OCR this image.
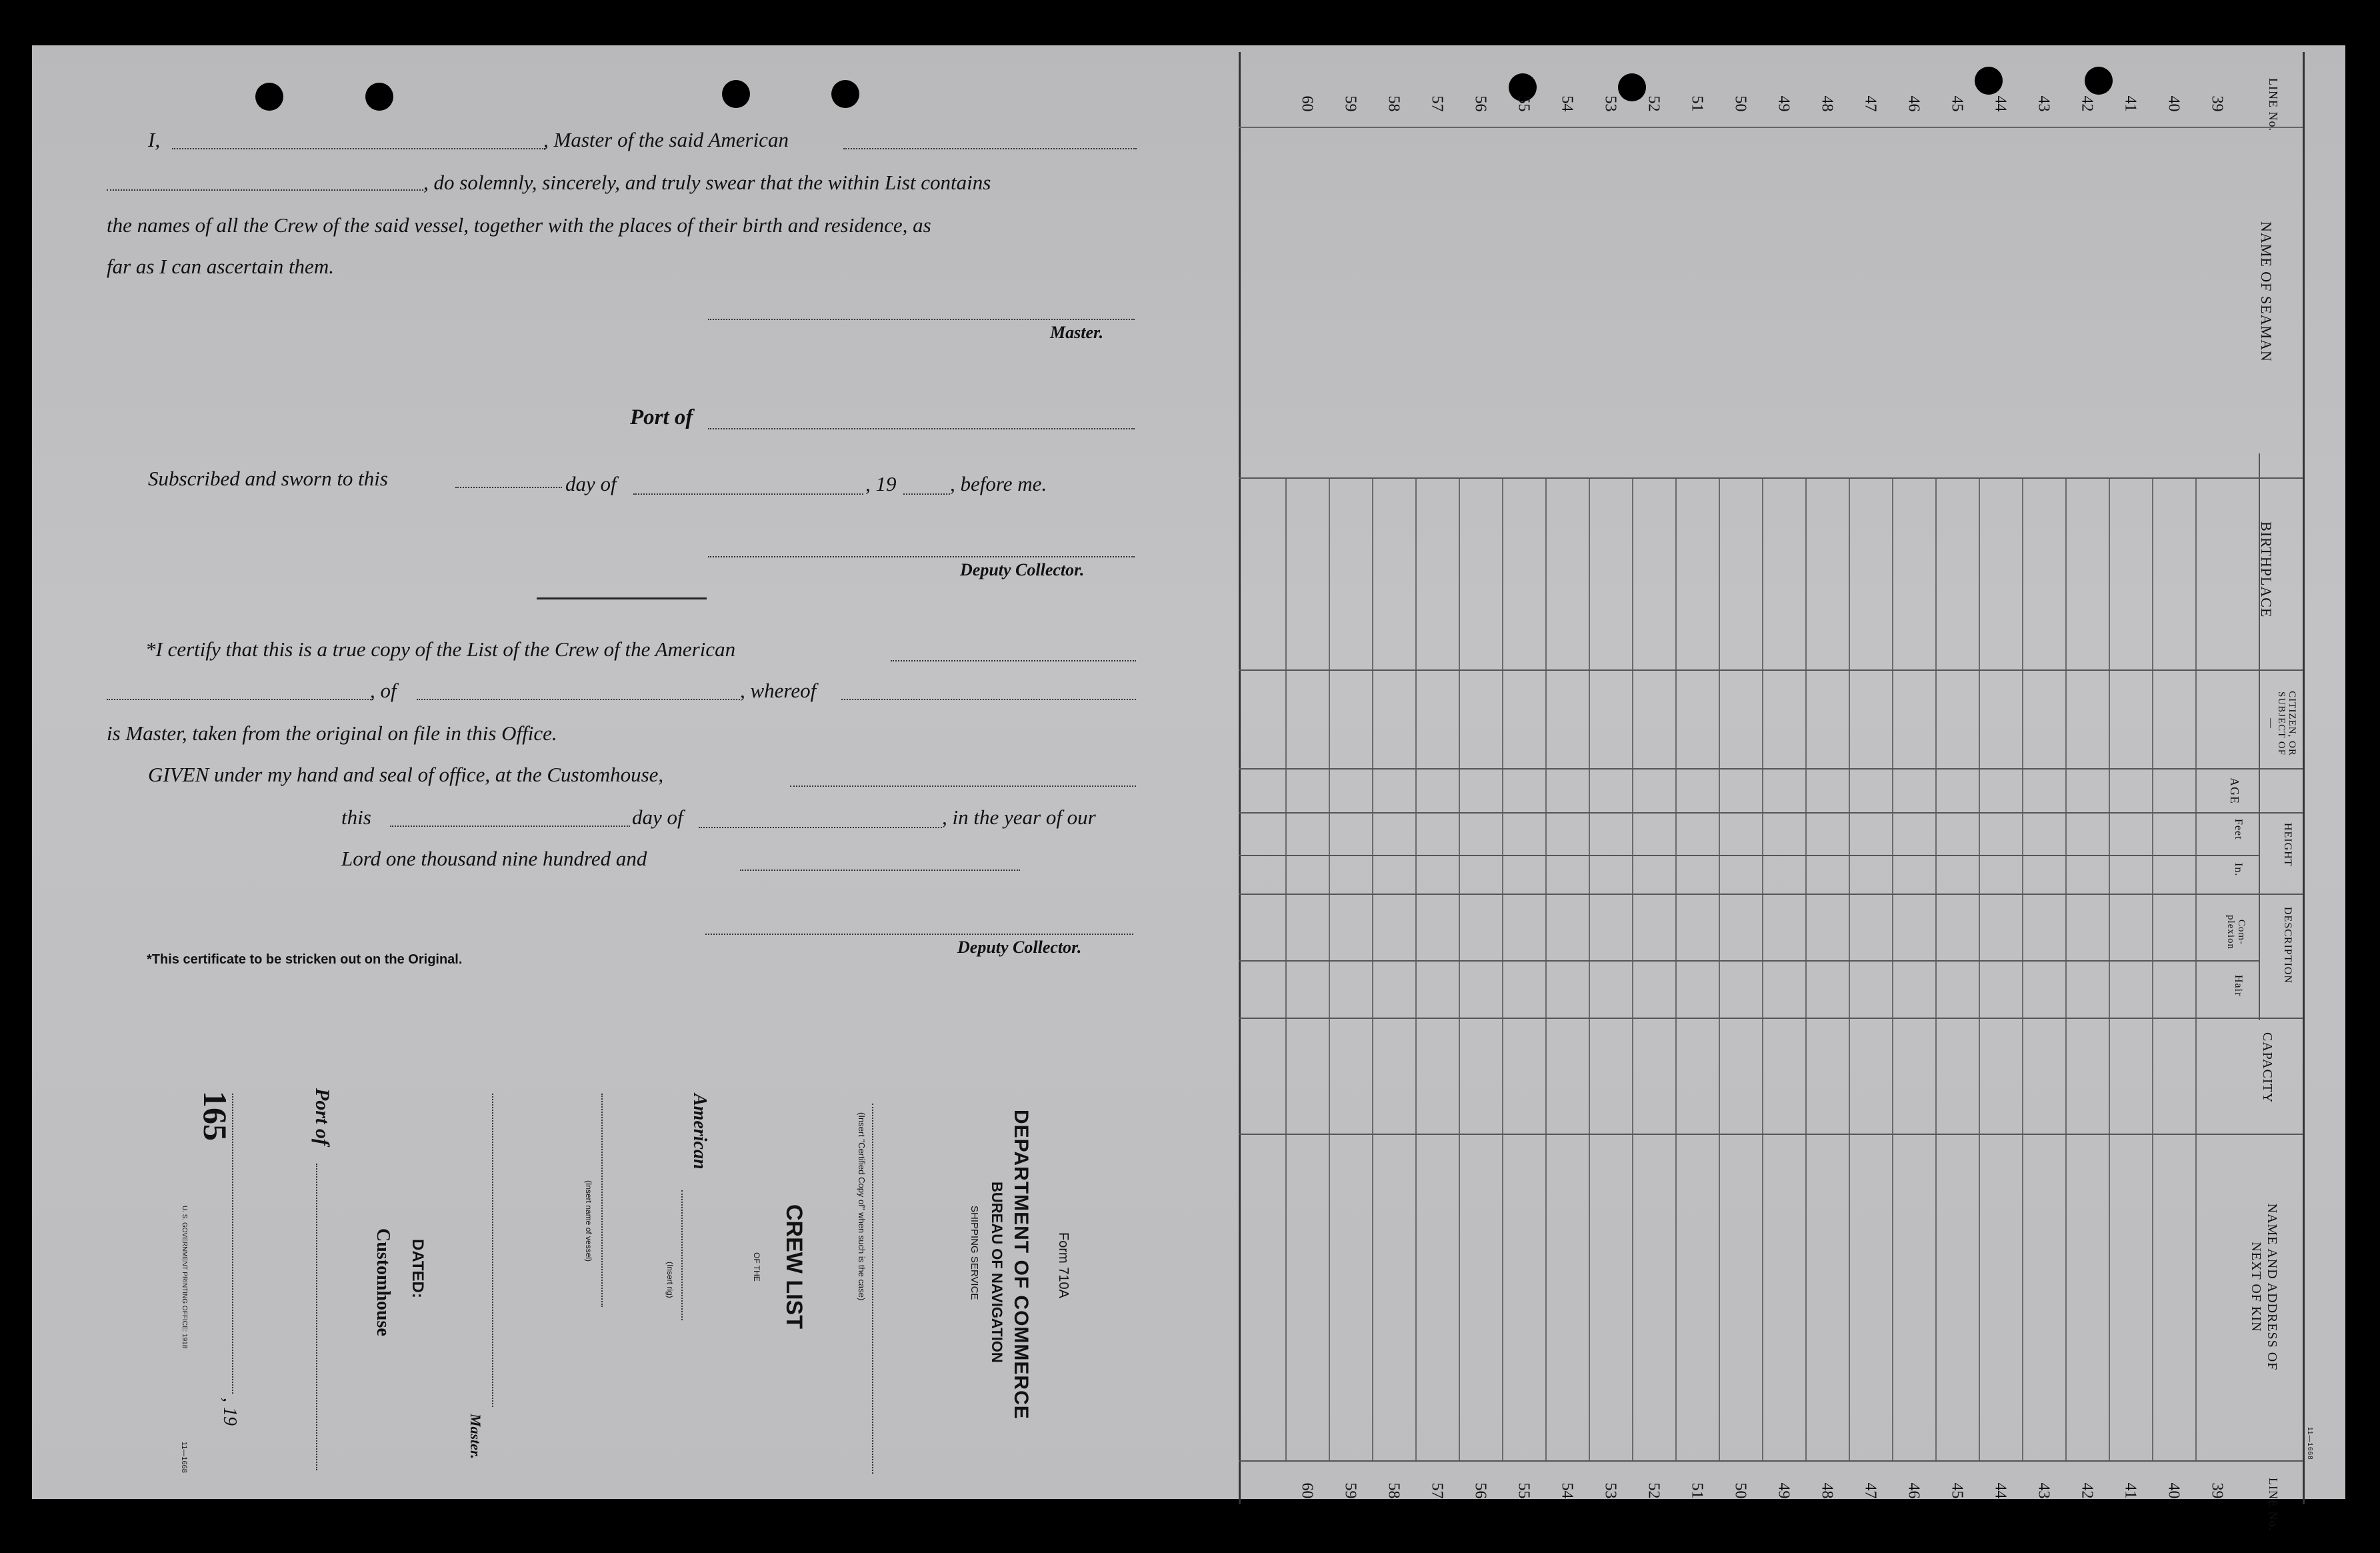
I,	, Master of the said American
, do solemnly, sincerely, and truly swear that the within List contains
the names of all the Crew of the said vessel, together with the places of their birth and residence, as
far as I can ascertain them.
Master.
Port of
Subscribed and sworn to this	day of	, 19	, before me.
Deputy Collector.
*I certify that this is a true copy of the List of the Crew of the American
, of	, whereof
is Master, taken from the original on file in this Office.
GIVEN under my hand and seal of office, at the Customhouse,
this	day of	, in the year of our
Lord one thousand nine hundred and
Deputy Collector.
*This certificate to be stricken out on the Original.
Form 710A
DEPARTMENT OF COMMERCE
BUREAU OF NAVIGATION
SHIPPING SERVICE
(Insert "Certified Copy of" when such is the case)
CREW LIST
OF THE
American
(Insert rig)
(Insert name of vessel)
Master.
DATED:
Customhouse
Port of
, 19
165
U. S. GOVERNMENT PRINTING OFFICE: 1918
11—1668
LINE No.
NAME OF SEAMAN
BIRTHPLACE
CITIZEN, OR SUBJECT OF—
AGE
HEIGHT
Feet
In.
DESCRIPTION
Com-plexion
Hair
CAPACITY
NAME AND ADDRESS OF NEXT OF KIN
LINE No.
11—1668
39
40
41
42
43
44
45
46
47
48
49
50
51
52
53
54
55
56
57
58
59
60
39
40
41
42
43
44
45
46
47
48
49
50
51
52
53
54
55
56
57
58
59
60
